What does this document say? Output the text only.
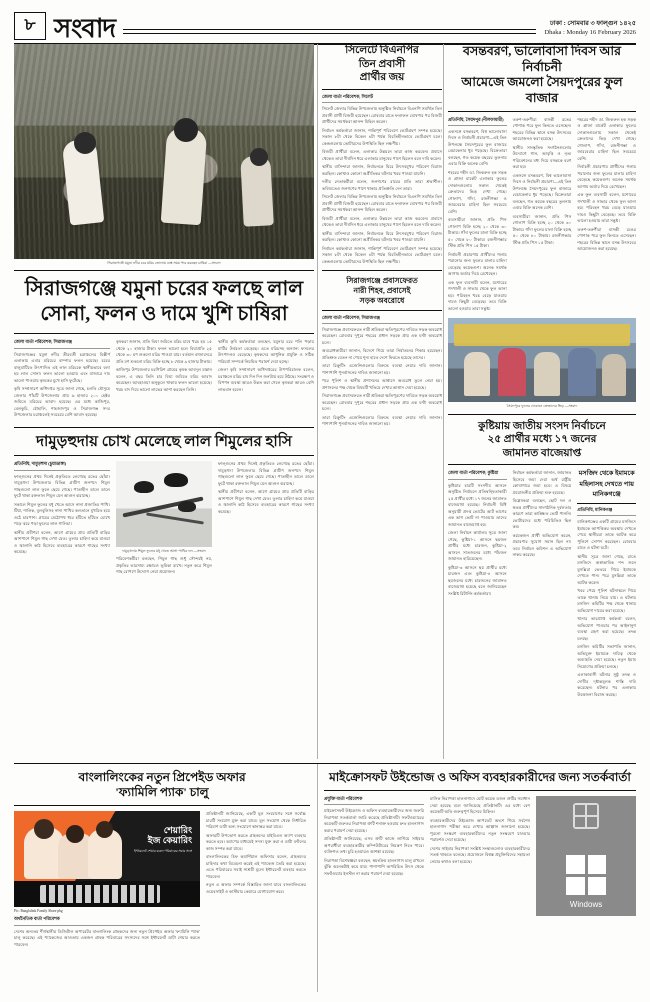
৮ সংবাদ	ঢাকা : সোমবার ৩ ফাল্গুন ১৪২৫
Dhaka : Monday 16 February 2026
সিরাজগঞ্জে যমুনা নদীর চরে মরিচ তোলায় ব্যস্ত সময় পার করছেন চাষিরা —সংবাদ
সিরাজগঞ্জে যমুনা চরের ফলছে লাল
সোনা, ফলন ও দামে খুশি চাষিরা
জেলা বার্তা পরিবেশক, সিরাজগঞ্জ

সিরাজগঞ্জের যমুনা নদীর তীরবর্তী চরাঞ্চলের বিস্তীর্ণ এলাকায় এবার মরিচের বাম্পার ফলন হয়েছে। চরের বালুমাটিতে উৎপাদিত এই লাল মরিচকে স্থানীয়ভাবে বলা হয় লাল সোনা। ফলন ভালো হওয়ায় এবং বাজারে দাম ভালো পাওয়ায় কৃষকের মুখে হাসি ফুটেছে।

কৃষি সম্প্রসারণ অধিদপ্তর সূত্রে জানা গেছে, চলতি মৌসুমে জেলার পাঁচটি উপজেলায় প্রায় ৬ হাজার ২০০ হেক্টর জমিতে মরিচের আবাদ হয়েছে। এর মধ্যে কাজিপুর, বেলকুচি, চৌহালি, শাহজাদপুর ও সিরাজগঞ্জ সদর উপজেলার চরাঞ্চলেই সবচেয়ে বেশি আবাদ হয়েছে।

কৃষকরা জানান, প্রতি বিঘা জমিতে মরিচ চাষে খরচ হয় ১৫ থেকে ২০ হাজার টাকা। ফলন ভালো হলে বিঘাপ্রতি ২৫ থেকে ৩০ মণ শুকনো মরিচ পাওয়া যায়। বর্তমান বাজারদরে প্রতি মণ শুকনো মরিচ বিক্রি হচ্ছে ৮ থেকে ৯ হাজার টাকায়।

কাজিপুর উপজেলার চরগিরিশ গ্রামের কৃষক আবদুল মান্নান বলেন, এ বছর তিনি চার বিঘা জমিতে মরিচ আবাদ করেছেন। আবহাওয়া অনুকূলে থাকায় ফলন ভালো হয়েছে। খরচ বাদ দিয়ে ভালো লাভের আশা করছেন তিনি।

স্থানীয় কৃষি কর্মকর্তারা বলছেন, যমুনার চরে পলি পড়ায় মাটির উর্বরতা বেড়েছে। এতে মরিচসহ অন্যান্য ফসলের উৎপাদনও বেড়েছে। কৃষকদের আধুনিক প্রযুক্তি ও সঠিক পরিচর্যা সম্পর্কে নিয়মিত পরামর্শ দেয়া হচ্ছে।

জেলা কৃষি সম্প্রসারণ অধিদপ্তরের উপপরিচালক বলেন, চরাঞ্চলে মরিচ চাষ দিন দিন জনপ্রিয় হয়ে উঠছে। সংরক্ষণ ও বিপণন ব্যবস্থা আরও উন্নত করা গেলে কৃষকরা আরও বেশি লাভবান হবেন।

দামুড়হুদায় চোখ মেলেছে লাল শিমুলের হাসি
প্রতিনিধি, দামুড়হুদা (চুয়াডাঙ্গা)

ফাল্গুনের প্রথম দিনেই প্রকৃতিতে লেগেছে রঙের ছোঁয়া। দামুড়হুদা উপজেলার বিভিন্ন গ্রামীণ জনপদে শিমুল গাছগুলো লাল ফুলে ছেয়ে গেছে। পাতাহীন ডালে ডালে ফুটে থাকা রক্তলাল শিমুল যেন আগুন ঝরাচ্ছে।

সকালে শিমুল ফুলের মধু খেতে আসে নানা প্রজাতির পাখি। টিয়া, শালিক, বুলবুলিসহ নানা পাখির কলতানে মুখরিত হয়ে ওঠে চারপাশ। গ্রামের মেঠোপথ ধরে হাঁটতে হাঁটতে চোখে পড়ে ঝরে পড়া ফুলের লাল গালিচা।

স্থানীয় প্রবীণরা বলেন, আগে গ্রামের প্রায় প্রতিটি বাড়ির আশপাশে শিমুল গাছ দেখা যেত। তুলার চাহিদা কমে যাওয়া ও জ্বালানি কাঠ হিসেবে ব্যবহারের কারণে গাছের সংখ্যা কমেছে।	দামুড়হুদায় শিমুল ফুলের মধু খেতে আসা পাখির দল —সংবাদ

পরিবেশকর্মীরা বলছেন, শিমুল গাছ শুধু সৌন্দর্যই নয়, প্রকৃতির ভারসাম্য রক্ষায়ও ভূমিকা রাখে। নতুন করে শিমুল গাছ রোপণে উদ্যোগ নেয়া প্রয়োজন।

ফাল্গুনের প্রথম দিনেই প্রকৃতিতে লেগেছে রঙের ছোঁয়া। দামুড়হুদা উপজেলার বিভিন্ন গ্রামীণ জনপদে শিমুল গাছগুলো লাল ফুলে ছেয়ে গেছে। পাতাহীন ডালে ডালে ফুটে থাকা রক্তলাল শিমুল যেন আগুন ঝরাচ্ছে।

স্থানীয় প্রবীণরা বলেন, আগে গ্রামের প্রায় প্রতিটি বাড়ির আশপাশে শিমুল গাছ দেখা যেত। তুলার চাহিদা কমে যাওয়া ও জ্বালানি কাঠ হিসেবে ব্যবহারের কারণে গাছের সংখ্যা কমেছে।

সিলেটে বিএনপির
তিন প্রবাসী
প্রার্থীর জয়
জেলা বার্তা পরিবেশক, সিলেট

সিলেট জেলার বিভিন্ন উপজেলায় অনুষ্ঠিত নির্বাচনে বিএনপি সমর্থিত তিন প্রবাসী প্রার্থী বিজয়ী হয়েছেন। রোববার রাতে ফলাফল ঘোষণার পর বিজয়ী প্রার্থীদের সমর্থকরা আনন্দ মিছিল করেন।

নির্বাচন কর্মকর্তারা জানান, শান্তিপূর্ণ পরিবেশে ভোটগ্রহণ সম্পন্ন হয়েছে। সকাল ৮টা থেকে বিকেল ৪টা পর্যন্ত বিরতিহীনভাবে ভোটগ্রহণ চলে। কেন্দ্রগুলোয় ভোটারদের উপস্থিতি ছিল লক্ষণীয়।

বিজয়ী প্রার্থীরা বলেন, এলাকার উন্নয়নে তারা কাজ করবেন। প্রবাসে থেকেও তারা দীর্ঘদিন ধরে এলাকার মানুষের পাশে ছিলেন বলে দাবি করেন।

স্থানীয় বাসিন্দারা জানান, নির্বাচনকে ঘিরে উৎসবমুখর পরিবেশ বিরাজ করছিল। কোথাও কোনো অপ্রীতিকর ঘটনার খবর পাওয়া যায়নি।

দলীয় নেতাকর্মীরা বলেন, জনগণের রায়ের প্রতি তারা শ্রদ্ধাশীল। ভবিষ্যতেও জনগণের পাশে থাকার প্রতিশ্রুতি দেন তারা।

সিলেট জেলার বিভিন্ন উপজেলায় অনুষ্ঠিত নির্বাচনে বিএনপি সমর্থিত তিন প্রবাসী প্রার্থী বিজয়ী হয়েছেন। রোববার রাতে ফলাফল ঘোষণার পর বিজয়ী প্রার্থীদের সমর্থকরা আনন্দ মিছিল করেন।

বিজয়ী প্রার্থীরা বলেন, এলাকার উন্নয়নে তারা কাজ করবেন। প্রবাসে থেকেও তারা দীর্ঘদিন ধরে এলাকার মানুষের পাশে ছিলেন বলে দাবি করেন।

স্থানীয় বাসিন্দারা জানান, নির্বাচনকে ঘিরে উৎসবমুখর পরিবেশ বিরাজ করছিল। কোথাও কোনো অপ্রীতিকর ঘটনার খবর পাওয়া যায়নি।

নির্বাচন কর্মকর্তারা জানান, শান্তিপূর্ণ পরিবেশে ভোটগ্রহণ সম্পন্ন হয়েছে। সকাল ৮টা থেকে বিকেল ৪টা পর্যন্ত বিরতিহীনভাবে ভোটগ্রহণ চলে। কেন্দ্রগুলোয় ভোটারদের উপস্থিতি ছিল লক্ষণীয়।

সিরাজগঞ্জে প্রবাসফেরত
নারী শিহব, প্রবাসেই
সড়ক অবরোধে
জেলা বার্তা পরিবেশক, সিরাজগঞ্জ

সিরাজগঞ্জে প্রবাসফেরত নারী শ্রমিকরা ক্ষতিপূরণের দাবিতে সড়ক অবরোধ করেছেন। রোববার দুপুরে শহরের প্রধান সড়কে প্রায় এক ঘণ্টা অবরোধ চলে।

অবরোধকারীরা জানান, বিদেশে গিয়ে তারা নির্যাতনের শিকার হয়েছেন। প্রতিশ্রুত বেতন না পেয়ে শূন্য হাতে দেশে ফিরতে হয়েছে তাদের।

তারা রিক্রুটিং এজেন্সিগুলোর বিরুদ্ধে ব্যবস্থা নেয়ার দাবি জানান। পাশাপাশি পুনর্বাসনের দাবিও জানানো হয়।

পরে পুলিশ ও স্থানীয় প্রশাসনের আশ্বাসে অবরোধ তুলে নেয়া হয়। প্রশাসনের পক্ষ থেকে বিষয়টি খতিয়ে দেখার আশ্বাস দেয়া হয়েছে।

সিরাজগঞ্জে প্রবাসফেরত নারী শ্রমিকরা ক্ষতিপূরণের দাবিতে সড়ক অবরোধ করেছেন। রোববার দুপুরে শহরের প্রধান সড়কে প্রায় এক ঘণ্টা অবরোধ চলে।

তারা রিক্রুটিং এজেন্সিগুলোর বিরুদ্ধে ব্যবস্থা নেয়ার দাবি জানান। পাশাপাশি পুনর্বাসনের দাবিও জানানো হয়।

বসন্তবরণ, ভালোবাসা দিবস আর নির্বাচনী
আমেজে জমলো সৈয়দপুরের ফুল বাজার
প্রতিনিধি, সৈয়দপুর (নীলফামারী)

একসঙ্গে বসন্তবরণ, বিশ্ব ভালোবাসা দিবস ও নির্বাচনী প্রচারণা—এই তিন উপলক্ষে সৈয়দপুরের ফুল বাজারে বেচাকেনার ধুম পড়েছে। বিক্রেতারা বলছেন, গত কয়েক বছরের তুলনায় এবার বিক্রি অনেক বেশি।

শহরের শহীদ ডা. জিকরুল হক সড়ক ও প্লাজা মার্কেট এলাকার ফুলের দোকানগুলোয় সকাল থেকেই ক্রেতাদের ভিড় দেখা গেছে। গোলাপ, গাঁদা, রজনীগন্ধা ও জারবেরার চাহিদা ছিল সবচেয়ে বেশি।

ব্যবসায়ীরা জানান, প্রতি পিস গোলাপ বিক্রি হচ্ছে ২০ থেকে ৩০ টাকায়। গাঁদা ফুলের মালা বিক্রি হচ্ছে ৫০ থেকে ৮০ টাকায়। রজনীগন্ধার স্টিক প্রতি পিস ১৫ টাকা।

নির্বাচনী প্রচারণায় প্রার্থীদের গলায় পরানোর জন্য ফুলের মালার চাহিদা বেড়েছে কয়েকগুণ। অনেক সমর্থক আগাম অর্ডার দিয়ে রেখেছেন।

এক ফুল ব্যবসায়ী বলেন, যশোরের গদখালী ও সাভার থেকে ফুল আনা হয়। পরিবহন খরচ বেড়ে যাওয়ায় দামও কিছুটা বেড়েছে। তবে বিক্রি ভালো হওয়ায় তারা সন্তুষ্ট।

তরুণ-তরুণীরা বাসন্তী রঙের পোশাক পরে ফুল কিনতে এসেছেন। শহরের বিভিন্ন স্থানে বসন্ত উৎসবের আয়োজনও করা হয়েছে।

স্থানীয় সাংস্কৃতিক সংগঠনগুলোর উদ্যোগে গান, আবৃত্তি ও নৃত্য পরিবেশনের মধ্য দিয়ে বসন্তকে বরণ করা হয়।

একসঙ্গে বসন্তবরণ, বিশ্ব ভালোবাসা দিবস ও নির্বাচনী প্রচারণা—এই তিন উপলক্ষে সৈয়দপুরের ফুল বাজারে বেচাকেনার ধুম পড়েছে। বিক্রেতারা বলছেন, গত কয়েক বছরের তুলনায় এবার বিক্রি অনেক বেশি।

ব্যবসায়ীরা জানান, প্রতি পিস গোলাপ বিক্রি হচ্ছে ২০ থেকে ৩০ টাকায়। গাঁদা ফুলের মালা বিক্রি হচ্ছে ৫০ থেকে ৮০ টাকায়। রজনীগন্ধার স্টিক প্রতি পিস ১৫ টাকা।

শহরের শহীদ ডা. জিকরুল হক সড়ক ও প্লাজা মার্কেট এলাকার ফুলের দোকানগুলোয় সকাল থেকেই ক্রেতাদের ভিড় দেখা গেছে। গোলাপ, গাঁদা, রজনীগন্ধা ও জারবেরার চাহিদা ছিল সবচেয়ে বেশি।

নির্বাচনী প্রচারণায় প্রার্থীদের গলায় পরানোর জন্য ফুলের মালার চাহিদা বেড়েছে কয়েকগুণ। অনেক সমর্থক আগাম অর্ডার দিয়ে রেখেছেন।

এক ফুল ব্যবসায়ী বলেন, যশোরের গদখালী ও সাভার থেকে ফুল আনা হয়। পরিবহন খরচ বেড়ে যাওয়ায় দামও কিছুটা বেড়েছে। তবে বিক্রি ভালো হওয়ায় তারা সন্তুষ্ট।

তরুণ-তরুণীরা বাসন্তী রঙের পোশাক পরে ফুল কিনতে এসেছেন। শহরের বিভিন্ন স্থানে বসন্ত উৎসবের আয়োজনও করা হয়েছে।

সৈয়দপুরে ফুলের দোকানে ক্রেতাদের ভিড় —সংবাদ
কুষ্টিয়ায় জাতীয় সংসদ নির্বাচনে
২৫ প্রার্থীর মধ্যে ১৭ জনের
জামানত বাজেয়াপ্ত
জেলা বার্তা পরিবেশক, কুষ্টিয়া

কুষ্টিয়ার চারটি সংসদীয় আসনে অনুষ্ঠিত নির্বাচনে প্রতিদ্বন্দ্বিতাকারী ২৫ প্রার্থীর মধ্যে ১৭ জনের জামানত বাজেয়াপ্ত হয়েছে। নির্বাচনী বিধি অনুযায়ী প্রদত্ত ভোটের আট ভাগের এক ভাগ ভোট না পাওয়ায় তাদের জামানত বাজেয়াপ্ত হয়।

জেলা নির্বাচন কার্যালয় সূত্রে জানা গেছে, কুষ্টিয়া-১ আসনে ছয়জন প্রার্থীর মধ্যে চারজন, কুষ্টিয়া-২ আসনে সাতজনের মধ্যে পাঁচজন জামানত হারিয়েছেন।

কুষ্টিয়া-৩ আসনে ছয় প্রার্থীর মধ্যে চারজন এবং কুষ্টিয়া-৪ আসনে ছয়জনের মধ্যে চারজনের জামানত বাজেয়াপ্ত হয়েছে বলে জানিয়েছেন সংশ্লিষ্ট রিটার্নিং কর্মকর্তারা।

নির্বাচন কর্মকর্তারা জানান, জামানত হিসেবে জমা দেয়া অর্থ রাষ্ট্রীয় কোষাগারে জমা হবে। এ বিষয়ে প্রয়োজনীয় প্রক্রিয়া শুরু হয়েছে।

বিশ্লেষকরা বলছেন, ছোট দল ও স্বতন্ত্র প্রার্থীদের সাংগঠনিক দুর্বলতার কারণে তারা কাঙ্ক্ষিত ভোট পাননি। ভোটারদের মধ্যে পরিচিতিও ছিল কম।

কয়েকজন প্রার্থী অভিযোগ করেন, প্রচারণার সুযোগ সমান ছিল না। তবে নির্বাচন কমিশন এ অভিযোগ নাকচ করেছে।

মসজিদ থেকে ইমামকে
মহিলাসহ দেখতে পায়
মানিকগঞ্জে
প্রতিনিধি, মানিকগঞ্জ

মানিকগঞ্জের একটি গ্রামের মসজিদে ইমামকে আপত্তিকর অবস্থায় দেখতে পেয়ে স্থানীয়রা তাকে আটক করে পুলিশে সোপর্দ করেছেন। রোববার রাতে এ ঘটনা ঘটে।

স্থানীয় সূত্রে জানা গেছে, রাতে মসজিদে অস্বাভাবিক শব্দ শুনে মুসল্লিরা ভেতরে গিয়ে ইমামকে দেখতে পান। পরে মুসল্লিরা তাকে আটক করেন।

খবর পেয়ে পুলিশ ঘটনাস্থলে গিয়ে তাকে থানায় নিয়ে যায়। এ ঘটনায় মসজিদ কমিটির পক্ষ থেকে থানায় অভিযোগ দায়ের করা হয়েছে।

থানার ভারপ্রাপ্ত কর্মকর্তা বলেন, অভিযোগ পাওয়ার পর আইনানুগ ব্যবস্থা গ্রহণ করা হয়েছে। তদন্ত চলছে।

মসজিদ কমিটির সভাপতি জানান, অভিযুক্ত ইমামকে দায়িত্ব থেকে অব্যাহতি দেয়া হয়েছে। নতুন ইমাম নিয়োগের প্রক্রিয়া চলছে।

এলাকাবাসী ঘটনার সুষ্ঠু তদন্ত ও দোষীর দৃষ্টান্তমূলক শাস্তি দাবি করেছেন। ঘটনার পর এলাকায় উত্তেজনা বিরাজ করছে।

বাংলালিংকের নতুন প্রিপেইড অফার
'ফ্যামিলি প্যাক' চালু
শেয়ারিং
ইজ কেয়ারিং
ইন্টারনেট শেয়ার করুন পরিবারের সবার সঙ্গে
Pic: Banglalink Family Share pbg
অর্থনৈতিক বার্তা পরিবেশক

দেশের অন্যতম শীর্ষস্থানীয় ডিজিটাল অপারেটর বাংলালিংক গ্রাহকদের জন্য নতুন প্রিপেইড অফার 'ফ্যামিলি প্যাক' চালু করেছে। এই প্যাকেজের আওতায় একজন গ্রাহক পরিবারের সদস্যদের সঙ্গে ইন্টারনেট ডাটা শেয়ার করতে পারবেন।

প্রতিষ্ঠানটি জানিয়েছে, একটি মূল সংযোগের সঙ্গে সর্বোচ্চ চারটি সংযোগ যুক্ত করা যাবে। মূল সংযোগ থেকে নির্ধারিত পরিমাণ ডাটা অন্য সংযোগে স্থানান্তর করা যাবে।

অফারটি উপভোগ করতে গ্রাহকদের মাইবিএল অ্যাপ ব্যবহার করতে হবে। অ্যাপের মাধ্যমেই সদস্য যুক্ত করা ও ডাটা বণ্টনের কাজ সম্পন্ন করা যাবে।

বাংলালিংকের চিফ কমার্শিয়াল অফিসার বলেন, গ্রাহকদের চাহিদার কথা বিবেচনা করেই এই প্যাকেজ তৈরি করা হয়েছে। এতে পরিবারের সবাই সাশ্রয়ী মূল্যে ইন্টারনেট ব্যবহার করতে পারবেন।

নতুন এ অফার সম্পর্কে বিস্তারিত জানা যাবে বাংলালিংকের ওয়েবসাইট ও কাস্টমার কেয়ারে যোগাযোগ করে।

মাইক্রোসফট উইন্ডোজ ও অফিস ব্যবহারকারীদের জন্য সতর্কবার্তা
প্রযুক্তি বার্তা পরিবেশক

মাইক্রোসফট উইন্ডোজ ও অফিস ব্যবহারকারীদের জন্য জরুরি নিরাপত্তা সতর্কবার্তা জারি করেছে প্রতিষ্ঠানটি। সফটওয়্যারের কয়েকটি গুরুতর নিরাপত্তা ত্রুটি শনাক্ত হওয়ায় দ্রুত হালনাগাদ করার পরামর্শ দেয়া হয়েছে।

প্রতিষ্ঠানটি জানিয়েছে, এসব ত্রুটি কাজে লাগিয়ে সাইবার অপরাধীরা ব্যবহারকারীর কম্পিউটারের নিয়ন্ত্রণ নিতে পারে। ব্যক্তিগত তথ্য চুরি হওয়ারও আশঙ্কা রয়েছে।

নিরাপত্তা বিশেষজ্ঞরা বলছেন, স্বয়ংক্রিয় হালনাগাদ চালু রাখলে ঝুঁকি অনেকটাই কমে যায়। পাশাপাশি অপরিচিত উৎস থেকে সফটওয়্যার ইনস্টল না করার পরামর্শ দেয়া হয়েছে।

মাসিক নিরাপত্তা হালনাগাদে মোট কয়েক ডজন ত্রুটির সমাধান দেয়া হয়েছে বলে জানিয়েছে প্রতিষ্ঠানটি। এর মধ্যে বেশ কয়েকটি অতি গুরুত্বপূর্ণ হিসেবে চিহ্নিত।

ব্যবহারকারীদের উইন্ডোজ আপডেট অংশে গিয়ে সর্বশেষ হালনাগাদ পরীক্ষা করে দেখার আহ্বান জানানো হয়েছে। পুরনো সংস্করণ ব্যবহারকারীদের নতুন সংস্করণে যাওয়ার পরামর্শও দেয়া হয়েছে।

দেশের সাইবার নিরাপত্তা সংশ্লিষ্ট সংস্থাগুলোও ব্যবহারকারীদের সতর্ক থাকতে বলেছে। প্রয়োজনে বিশ্বস্ত প্রযুক্তিবিদের সহায়তা নেয়ার কথাও বলা হয়েছে।

Windows
